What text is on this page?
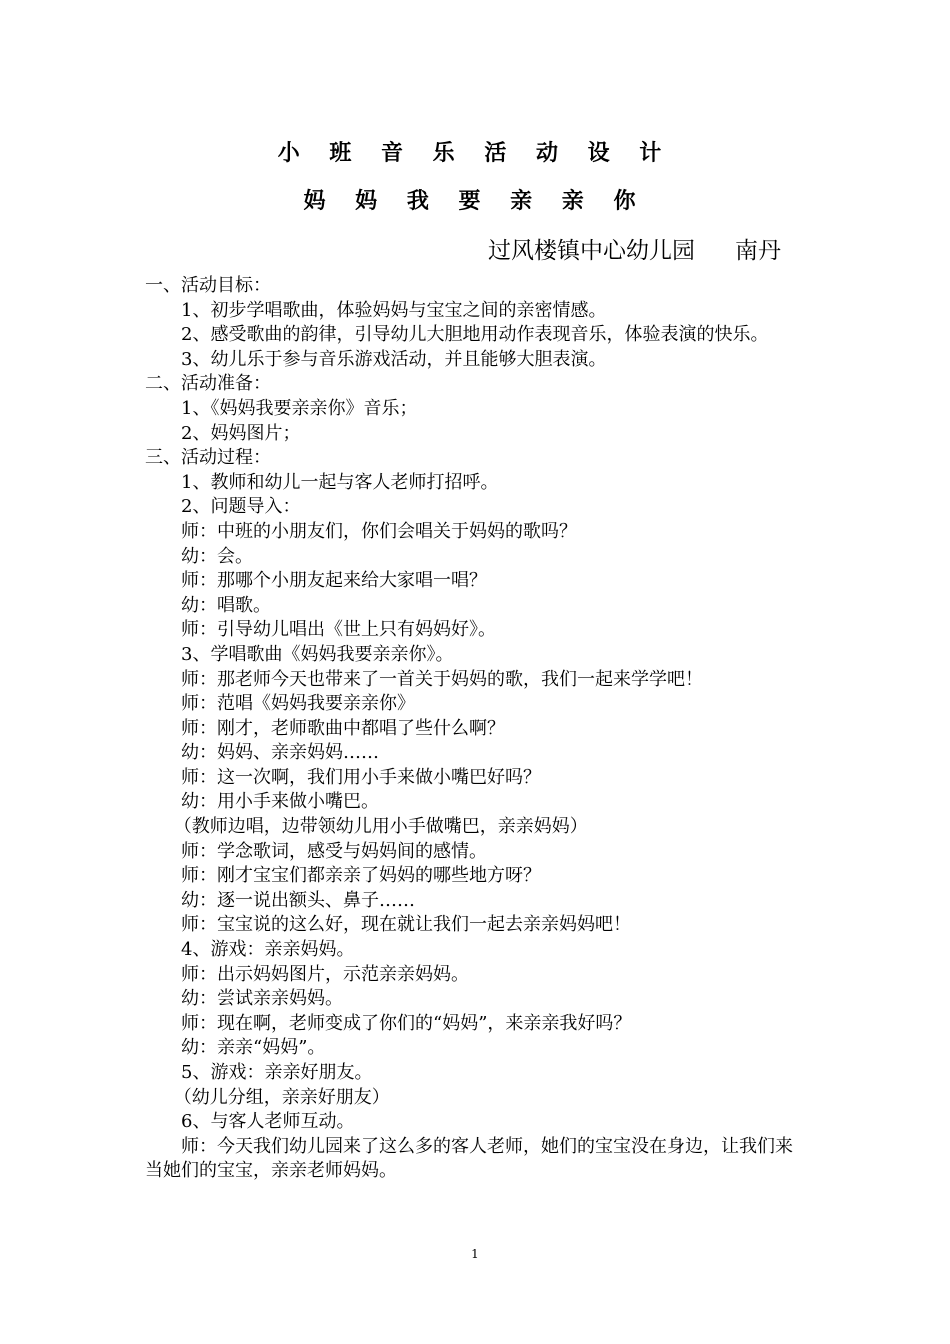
小 班 音 乐 活 动 设 计
妈 妈 我 要 亲 亲 你
过风楼镇中心幼儿园 南丹
一、活动目标：
1、初步学唱歌曲，体验妈妈与宝宝之间的亲密情感。
2、感受歌曲的韵律，引导幼儿大胆地用动作表现音乐，体验表演的快乐。
3、幼儿乐于参与音乐游戏活动，并且能够大胆表演。
二、活动准备：
1、《妈妈我要亲亲你》音乐；
2、妈妈图片；
三、活动过程：
1、教师和幼儿一起与客人老师打招呼。
2、问题导入：
师：中班的小朋友们，你们会唱关于妈妈的歌吗？
幼：会。
师：那哪个小朋友起来给大家唱一唱？
幼：唱歌。
师：引导幼儿唱出《世上只有妈妈好》。
3、学唱歌曲《妈妈我要亲亲你》。
师：那老师今天也带来了一首关于妈妈的歌，我们一起来学学吧！
师：范唱《妈妈我要亲亲你》
师：刚才，老师歌曲中都唱了些什么啊？
幼：妈妈、亲亲妈妈……
师：这一次啊，我们用小手来做小嘴巴好吗？
幼：用小手来做小嘴巴。
（教师边唱，边带领幼儿用小手做嘴巴，亲亲妈妈）
师：学念歌词，感受与妈妈间的感情。
师：刚才宝宝们都亲亲了妈妈的哪些地方呀？
幼：逐一说出额头、鼻子……
师：宝宝说的这么好，现在就让我们一起去亲亲妈妈吧！
4、游戏：亲亲妈妈。
师：出示妈妈图片，示范亲亲妈妈。
幼：尝试亲亲妈妈。
师：现在啊，老师变成了你们的“妈妈”，来亲亲我好吗？
幼：亲亲“妈妈”。
5、游戏：亲亲好朋友。
（幼儿分组，亲亲好朋友）
6、与客人老师互动。
师：今天我们幼儿园来了这么多的客人老师，她们的宝宝没在身边，让我们来当她们的宝宝，亲亲老师妈妈。
1
